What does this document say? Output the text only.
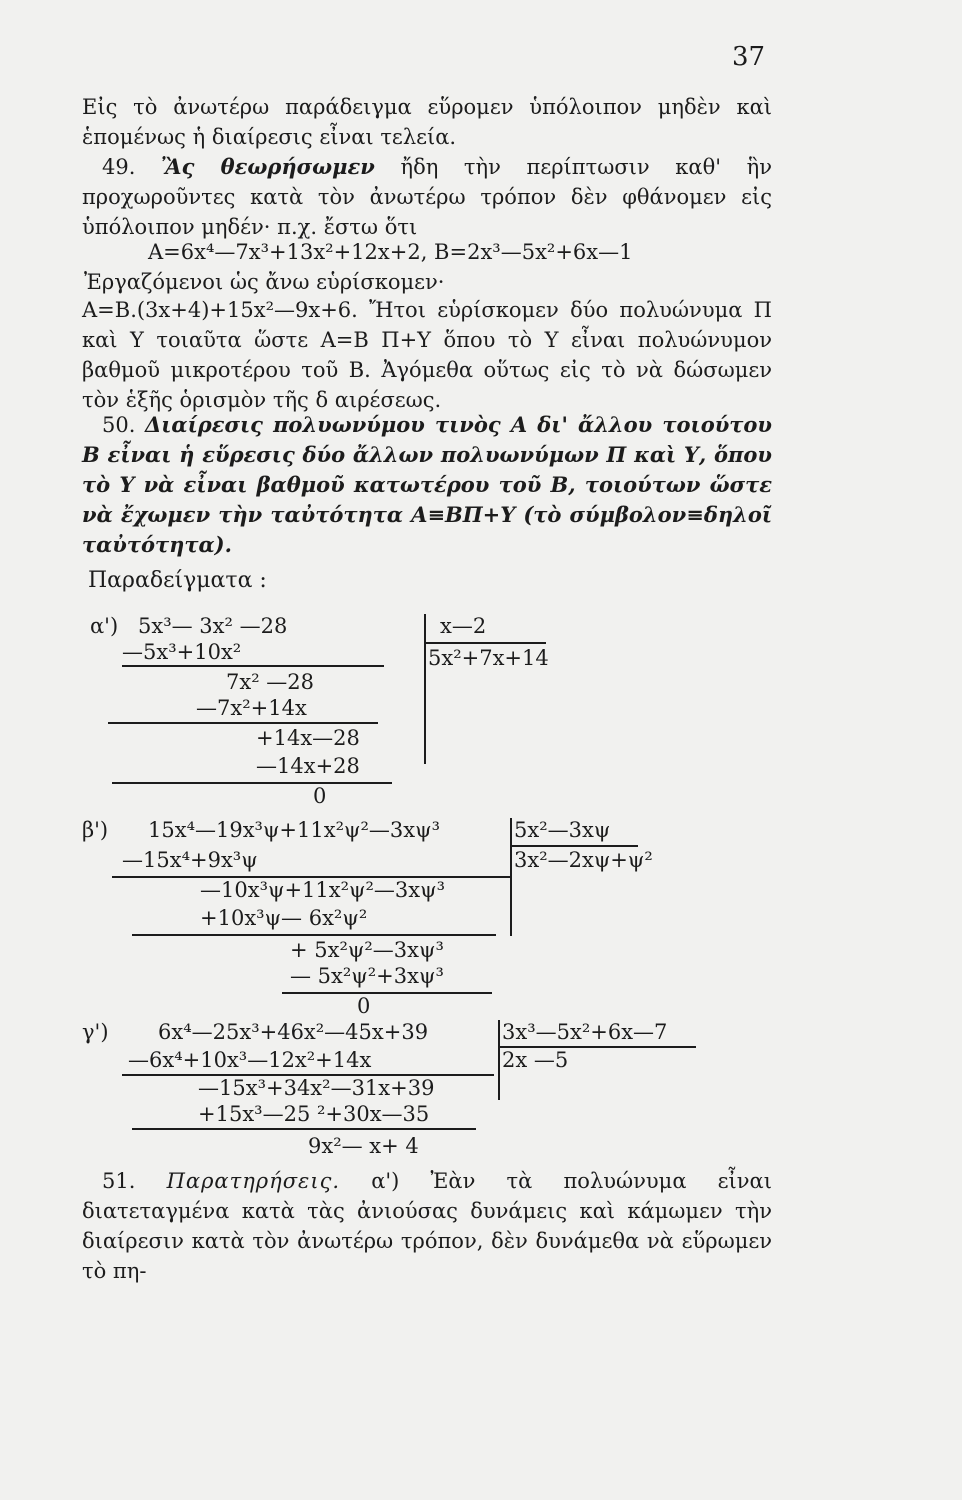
37

Εἰς τὸ ἀνωτέρω παράδειγμα εὕρομεν ὑπόλοιπον μηδὲν καὶ ἑπομένως ἡ διαίρεσις εἶναι τελεία.

49. Ἂς θεωρήσωμεν ἤδη τὴν περίπτωσιν καθ' ἣν προχωροῦντες κατὰ τὸν ἀνωτέρω τρόπον δὲν φθάνομεν εἰς ὑπόλοιπον μηδέν· π.χ. ἔστω ὅτι

A=6x⁴—7x³+13x²+12x+2, B=2x³—5x²+6x—1
Ἐργαζόμενοι ὡς ἄνω εὑρίσκομεν·

A=B.(3x+4)+15x²—9x+6. Ἤτοι εὑρίσκομεν δύο πολυώνυμα Π καὶ Υ τοιαῦτα ὥστε A=B Π+Υ ὅπου τὸ Υ εἶναι πολυώνυμον βαθμοῦ μικροτέρου τοῦ B. Ἀγόμεθα οὕτως εἰς τὸ νὰ δώσωμεν τὸν ἑξῆς ὁρισμὸν τῆς δ αιρέσεως.

50. Διαίρεσις πολυωνύμου τινὸς A δι' ἄλλου τοιούτου B εἶναι ἡ εὕρεσις δύο ἄλλων πολυωνύμων Π καὶ Υ, ὅπου τὸ Υ νὰ εἶναι βαθμοῦ κατωτέρου τοῦ B, τοιούτων ὥστε νὰ ἔχωμεν τὴν ταὐτότητα A≡BΠ+Υ (τὸ σύμβολον≡δηλοῖ ταὐτότητα).

Παραδείγματα :
α') 5x³— 3x² —28
—5x³+10x²
7x² —28
—7x²+14x
+14x—28
—14x+28
0
x—2
5x²+7x+14
β') 15x⁴—19x³ψ+11x²ψ²—3xψ³
—15x⁴+9x³ψ
—10x³ψ+11x²ψ²—3xψ³
+10x³ψ— 6x²ψ²
+ 5x²ψ²—3xψ³
— 5x²ψ²+3xψ³
0
5x²—3xψ
3x²—2xψ+ψ²
γ') 6x⁴—25x³+46x²—45x+39
—6x⁴+10x³—12x²+14x
—15x³+34x²—31x+39
+15x³—25 ²+30x—35
9x²— x+ 4
3x³—5x²+6x—7
2x —5

51. Παρατηρήσεις. α') Ἐὰν τὰ πολυώνυμα εἶναι διατεταγμένα κατὰ τὰς ἀνιούσας δυνάμεις καὶ κάμωμεν τὴν διαίρεσιν κατὰ τὸν ἀνωτέρω τρόπον, δὲν δυνάμεθα νὰ εὕρωμεν τὸ πη-
